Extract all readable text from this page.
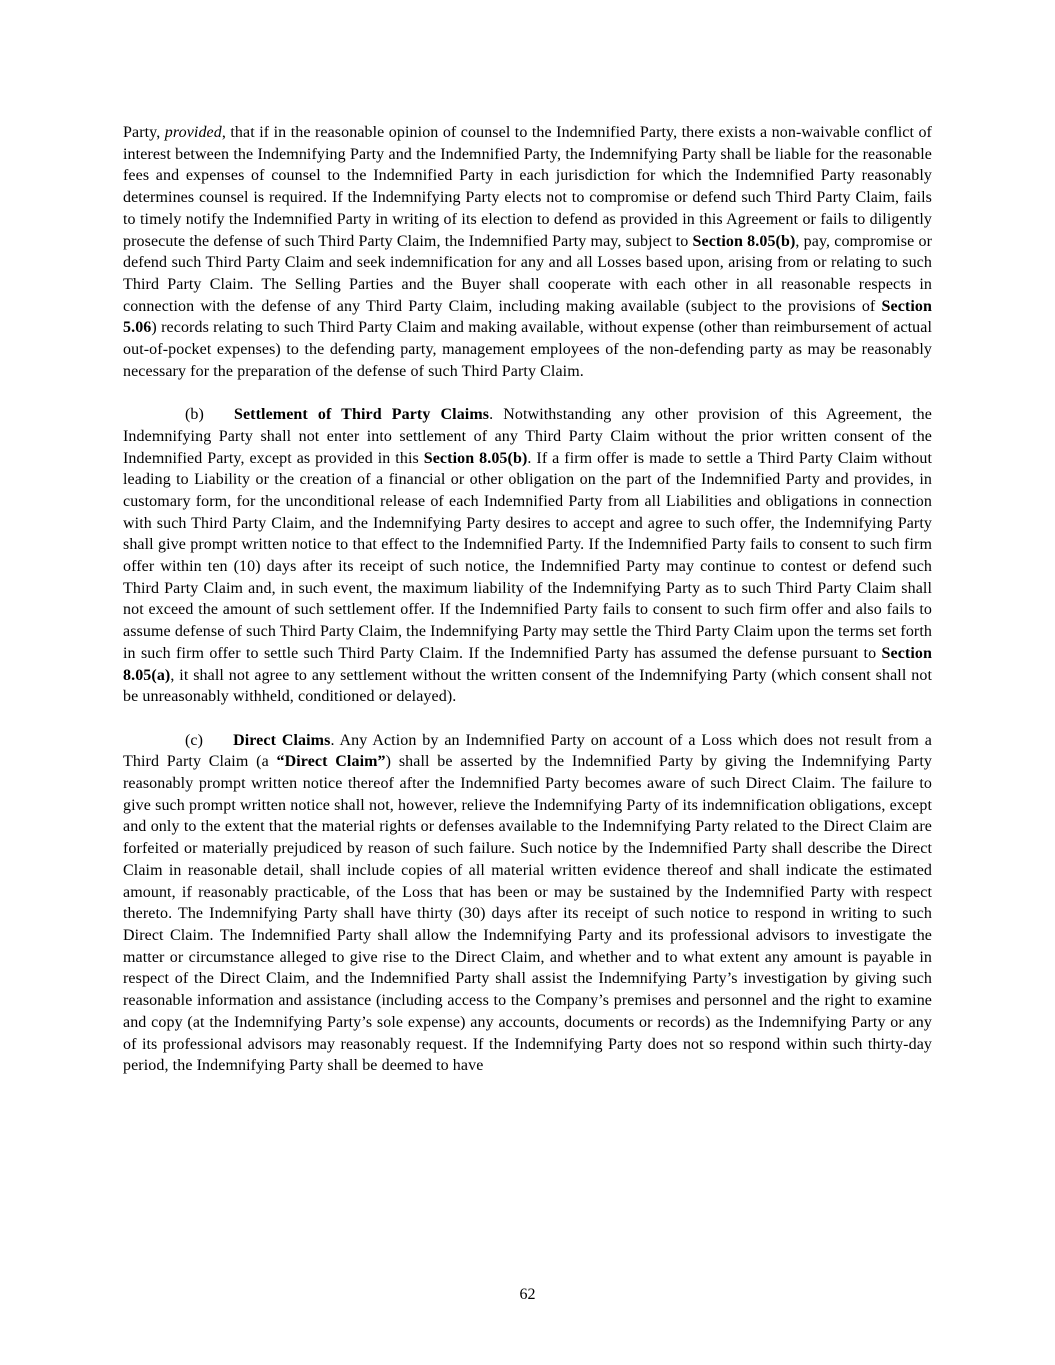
Party, provided, that if in the reasonable opinion of counsel to the Indemnified Party, there exists a non-waivable conflict of interest between the Indemnifying Party and the Indemnified Party, the Indemnifying Party shall be liable for the reasonable fees and expenses of counsel to the Indemnified Party in each jurisdiction for which the Indemnified Party reasonably determines counsel is required. If the Indemnifying Party elects not to compromise or defend such Third Party Claim, fails to timely notify the Indemnified Party in writing of its election to defend as provided in this Agreement or fails to diligently prosecute the defense of such Third Party Claim, the Indemnified Party may, subject to Section 8.05(b), pay, compromise or defend such Third Party Claim and seek indemnification for any and all Losses based upon, arising from or relating to such Third Party Claim. The Selling Parties and the Buyer shall cooperate with each other in all reasonable respects in connection with the defense of any Third Party Claim, including making available (subject to the provisions of Section 5.06) records relating to such Third Party Claim and making available, without expense (other than reimbursement of actual out-of-pocket expenses) to the defending party, management employees of the non-defending party as may be reasonably necessary for the preparation of the defense of such Third Party Claim.

(b) Settlement of Third Party Claims. Notwithstanding any other provision of this Agreement, the Indemnifying Party shall not enter into settlement of any Third Party Claim without the prior written consent of the Indemnified Party, except as provided in this Section 8.05(b). If a firm offer is made to settle a Third Party Claim without leading to Liability or the creation of a financial or other obligation on the part of the Indemnified Party and provides, in customary form, for the unconditional release of each Indemnified Party from all Liabilities and obligations in connection with such Third Party Claim, and the Indemnifying Party desires to accept and agree to such offer, the Indemnifying Party shall give prompt written notice to that effect to the Indemnified Party. If the Indemnified Party fails to consent to such firm offer within ten (10) days after its receipt of such notice, the Indemnified Party may continue to contest or defend such Third Party Claim and, in such event, the maximum liability of the Indemnifying Party as to such Third Party Claim shall not exceed the amount of such settlement offer. If the Indemnified Party fails to consent to such firm offer and also fails to assume defense of such Third Party Claim, the Indemnifying Party may settle the Third Party Claim upon the terms set forth in such firm offer to settle such Third Party Claim. If the Indemnified Party has assumed the defense pursuant to Section 8.05(a), it shall not agree to any settlement without the written consent of the Indemnifying Party (which consent shall not be unreasonably withheld, conditioned or delayed).

(c) Direct Claims. Any Action by an Indemnified Party on account of a Loss which does not result from a Third Party Claim (a “Direct Claim”) shall be asserted by the Indemnified Party by giving the Indemnifying Party reasonably prompt written notice thereof after the Indemnified Party becomes aware of such Direct Claim. The failure to give such prompt written notice shall not, however, relieve the Indemnifying Party of its indemnification obligations, except and only to the extent that the material rights or defenses available to the Indemnifying Party related to the Direct Claim are forfeited or materially prejudiced by reason of such failure. Such notice by the Indemnified Party shall describe the Direct Claim in reasonable detail, shall include copies of all material written evidence thereof and shall indicate the estimated amount, if reasonably practicable, of the Loss that has been or may be sustained by the Indemnified Party with respect thereto. The Indemnifying Party shall have thirty (30) days after its receipt of such notice to respond in writing to such Direct Claim. The Indemnified Party shall allow the Indemnifying Party and its professional advisors to investigate the matter or circumstance alleged to give rise to the Direct Claim, and whether and to what extent any amount is payable in respect of the Direct Claim, and the Indemnified Party shall assist the Indemnifying Party’s investigation by giving such reasonable information and assistance (including access to the Company’s premises and personnel and the right to examine and copy (at the Indemnifying Party’s sole expense) any accounts, documents or records) as the Indemnifying Party or any of its professional advisors may reasonably request. If the Indemnifying Party does not so respond within such thirty-day period, the Indemnifying Party shall be deemed to have

62
